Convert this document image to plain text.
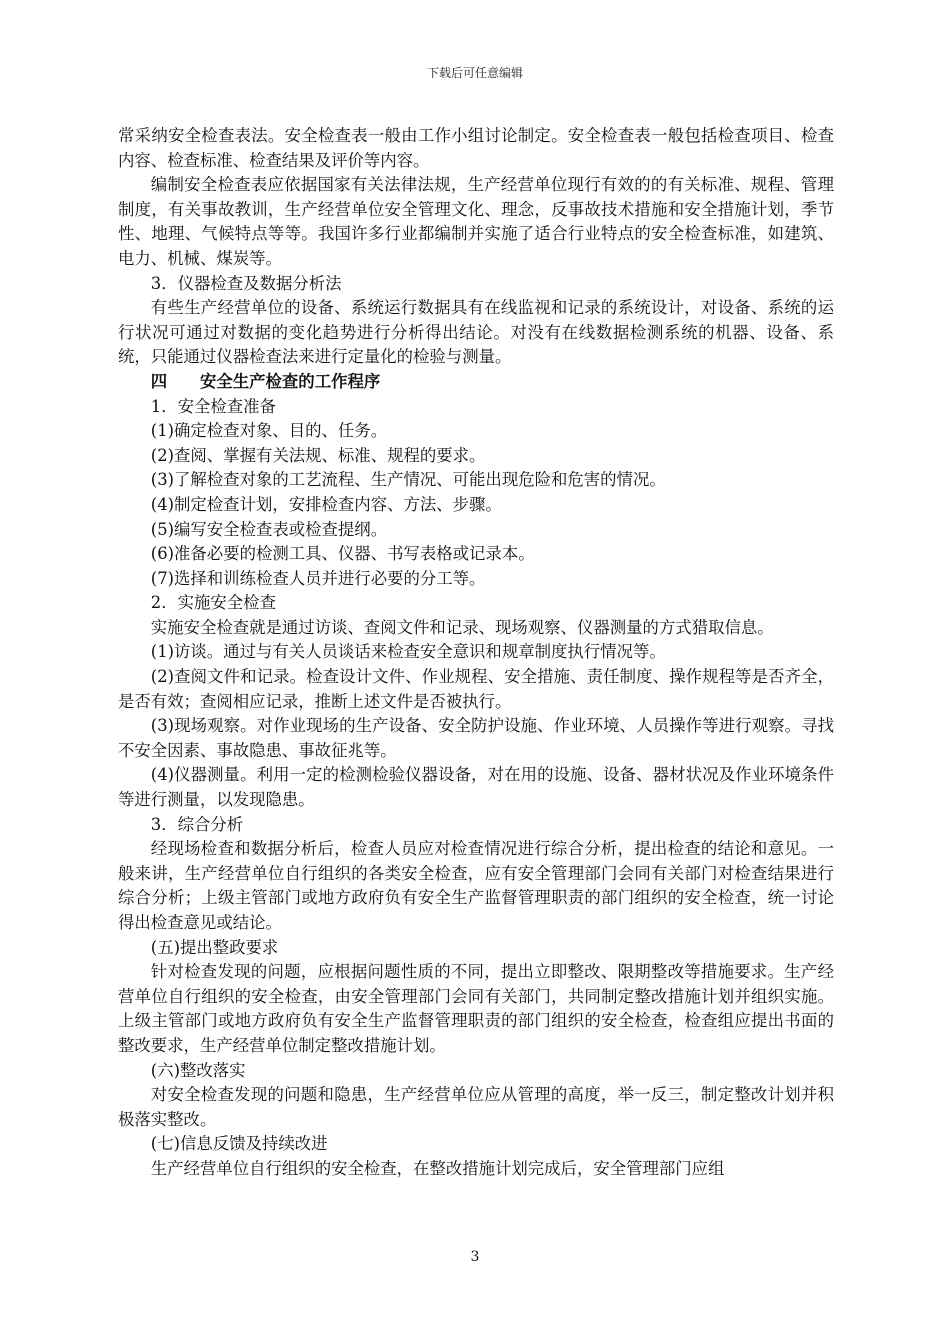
下载后可任意编辑

常采纳安全检查表法。安全检查表一般由工作小组讨论制定。安全检查表一般包括检查项目、检查内容、检查标准、检查结果及评价等内容。

编制安全检查表应依据国家有关法律法规，生产经营单位现行有效的的有关标准、规程、管理制度，有关事故教训，生产经营单位安全管理文化、理念，反事故技术措施和安全措施计划，季节性、地理、气候特点等等。我国许多行业都编制并实施了适合行业特点的安全检查标准，如建筑、电力、机械、煤炭等。

3．仪器检查及数据分析法

有些生产经营单位的设备、系统运行数据具有在线监视和记录的系统设计，对设备、系统的运行状况可通过对数据的变化趋势进行分析得出结论。对没有在线数据检测系统的机器、设备、系统，只能通过仪器检查法来进行定量化的检验与测量。

四　　安全生产检查的工作程序

1．安全检查准备

(1)确定检查对象、目的、任务。

(2)查阅、掌握有关法规、标准、规程的要求。

(3)了解检查对象的工艺流程、生产情况、可能出现危险和危害的情况。

(4)制定检查计划，安排检查内容、方法、步骤。

(5)编写安全检查表或检查提纲。

(6)准备必要的检测工具、仪器、书写表格或记录本。

(7)选择和训练检查人员并进行必要的分工等。

2．实施安全检查

实施安全检查就是通过访谈、查阅文件和记录、现场观察、仪器测量的方式猎取信息。

(1)访谈。通过与有关人员谈话来检查安全意识和规章制度执行情况等。

(2)查阅文件和记录。检查设计文件、作业规程、安全措施、责任制度、操作规程等是否齐全，是否有效；查阅相应记录，推断上述文件是否被执行。

(3)现场观察。对作业现场的生产设备、安全防护设施、作业环境、人员操作等进行观察。寻找不安全因素、事故隐患、事故征兆等。

(4)仪器测量。利用一定的检测检验仪器设备，对在用的设施、设备、器材状况及作业环境条件等进行测量，以发现隐患。

3．综合分析

经现场检查和数据分析后，检查人员应对检查情况进行综合分析，提出检查的结论和意见。一般来讲，生产经营单位自行组织的各类安全检查，应有安全管理部门会同有关部门对检查结果进行综合分析；上级主管部门或地方政府负有安全生产监督管理职责的部门组织的安全检查，统一讨论得出检查意见或结论。

(五)提出整政要求

针对检查发现的问题，应根据问题性质的不同，提出立即整改、限期整改等措施要求。生产经营单位自行组织的安全检查，由安全管理部门会同有关部门，共同制定整改措施计划并组织实施。上级主管部门或地方政府负有安全生产监督管理职责的部门组织的安全检查，检查组应提出书面的整改要求，生产经营单位制定整改措施计划。

(六)整改落实

对安全检查发现的问题和隐患，生产经营单位应从管理的高度，举一反三，制定整改计划并积极落实整改。

(七)信息反馈及持续改进

生产经营单位自行组织的安全检查，在整改措施计划完成后，安全管理部门应组

3
